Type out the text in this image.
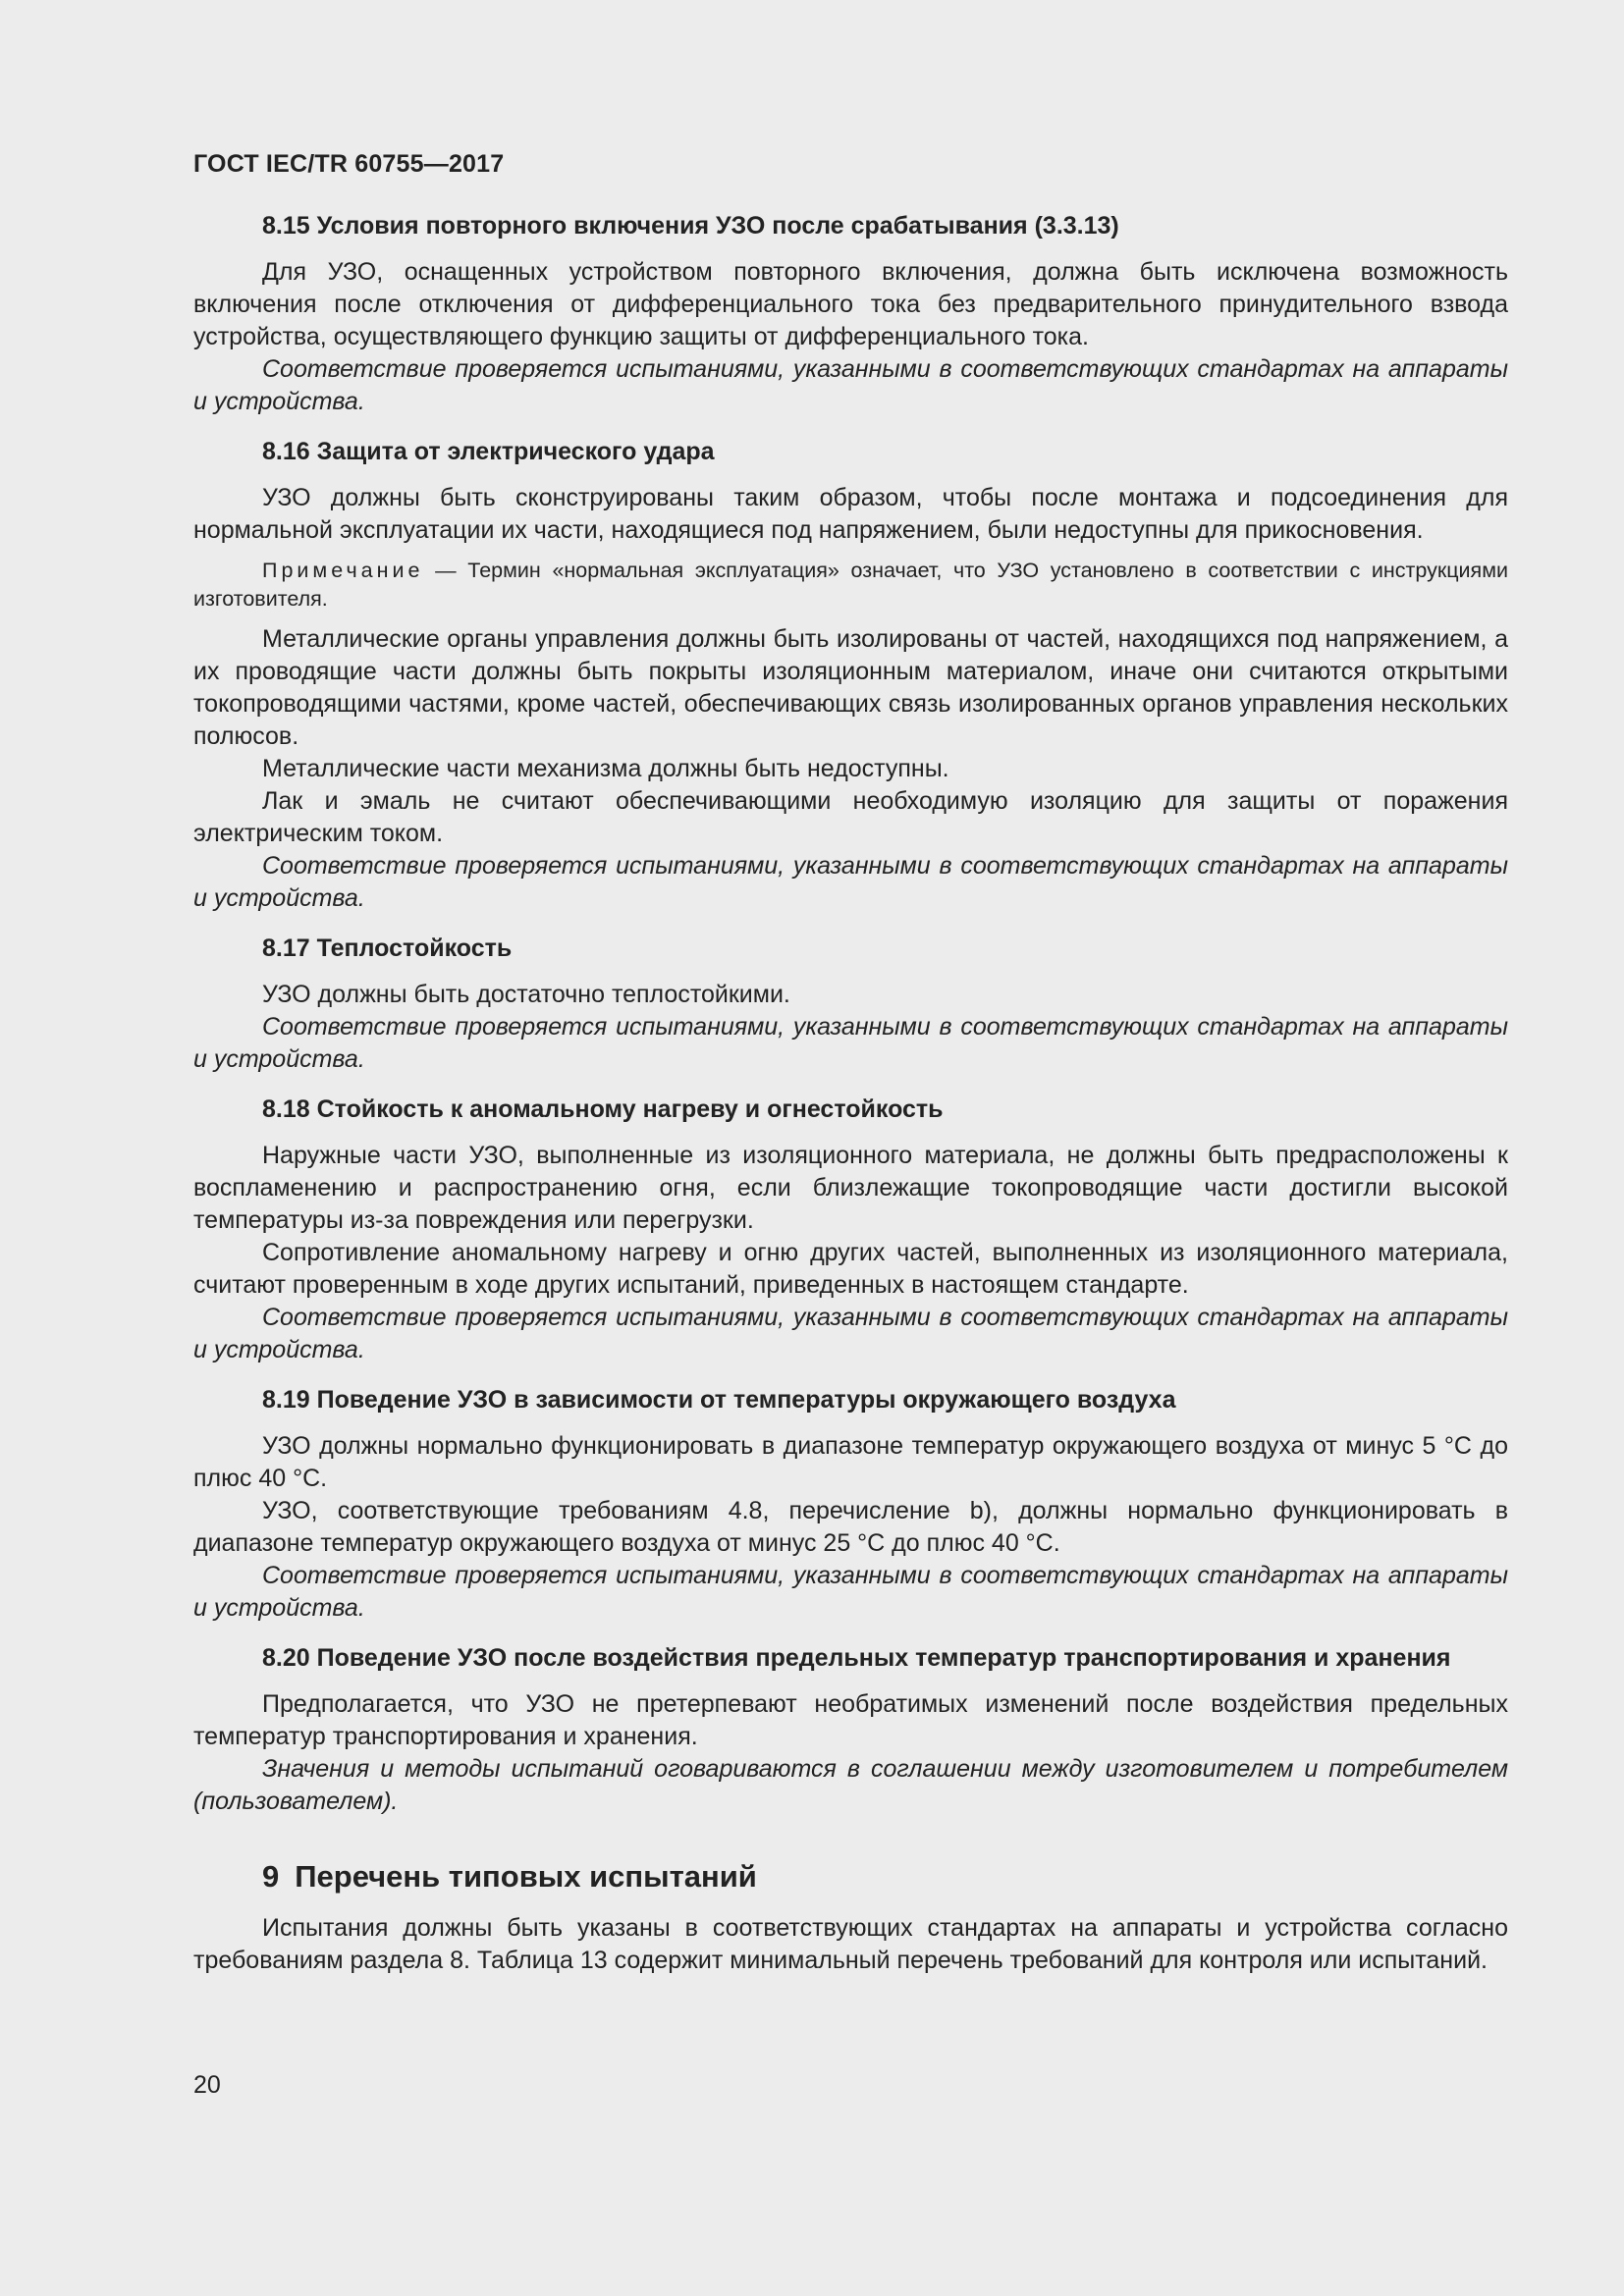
ГОСТ IEC/TR 60755—2017
8.15 Условия повторного включения УЗО после срабатывания (3.3.13)

Для УЗО, оснащенных устройством повторного включения, должна быть исключена возможность включения после отключения от дифференциального тока без предварительного принудительного взвода устройства, осуществляющего функцию защиты от дифференциального тока.

Соответствие проверяется испытаниями, указанными в соответствующих стандартах на аппараты и устройства.

8.16 Защита от электрического удара

УЗО должны быть сконструированы таким образом, чтобы после монтажа и подсоединения для нормальной эксплуатации их части, находящиеся под напряжением, были недоступны для прикосновения.

Примечание — Термин «нормальная эксплуатация» означает, что УЗО установлено в соответствии с инструкциями изготовителя.

Металлические органы управления должны быть изолированы от частей, находящихся под напряжением, а их проводящие части должны быть покрыты изоляционным материалом, иначе они считаются открытыми токопроводящими частями, кроме частей, обеспечивающих связь изолированных органов управления нескольких полюсов.

Металлические части механизма должны быть недоступны.

Лак и эмаль не считают обеспечивающими необходимую изоляцию для защиты от поражения электрическим током.

Соответствие проверяется испытаниями, указанными в соответствующих стандартах на аппараты и устройства.

8.17 Теплостойкость

УЗО должны быть достаточно теплостойкими.

Соответствие проверяется испытаниями, указанными в соответствующих стандартах на аппараты и устройства.

8.18 Стойкость к аномальному нагреву и огнестойкость

Наружные части УЗО, выполненные из изоляционного материала, не должны быть предрасположены к воспламенению и распространению огня, если близлежащие токопроводящие части достигли высокой температуры из-за повреждения или перегрузки.

Сопротивление аномальному нагреву и огню других частей, выполненных из изоляционного материала, считают проверенным в ходе других испытаний, приведенных в настоящем стандарте.

Соответствие проверяется испытаниями, указанными в соответствующих стандартах на аппараты и устройства.

8.19 Поведение УЗО в зависимости от температуры окружающего воздуха

УЗО должны нормально функционировать в диапазоне температур окружающего воздуха от минус 5 °С до плюс 40 °С.

УЗО, соответствующие требованиям 4.8, перечисление b), должны нормально функционировать в диапазоне температур окружающего воздуха от минус 25 °С до плюс 40 °С.

Соответствие проверяется испытаниями, указанными в соответствующих стандартах на аппараты и устройства.

8.20 Поведение УЗО после воздействия предельных температур транспортирования и хранения

Предполагается, что УЗО не претерпевают необратимых изменений после воздействия предельных температур транспортирования и хранения.

Значения и методы испытаний оговариваются в соглашении между изготовителем и потребителем (пользователем).

9 Перечень типовых испытаний

Испытания должны быть указаны в соответствующих стандартах на аппараты и устройства согласно требованиям раздела 8. Таблица 13 содержит минимальный перечень требований для контроля или испытаний.

20
